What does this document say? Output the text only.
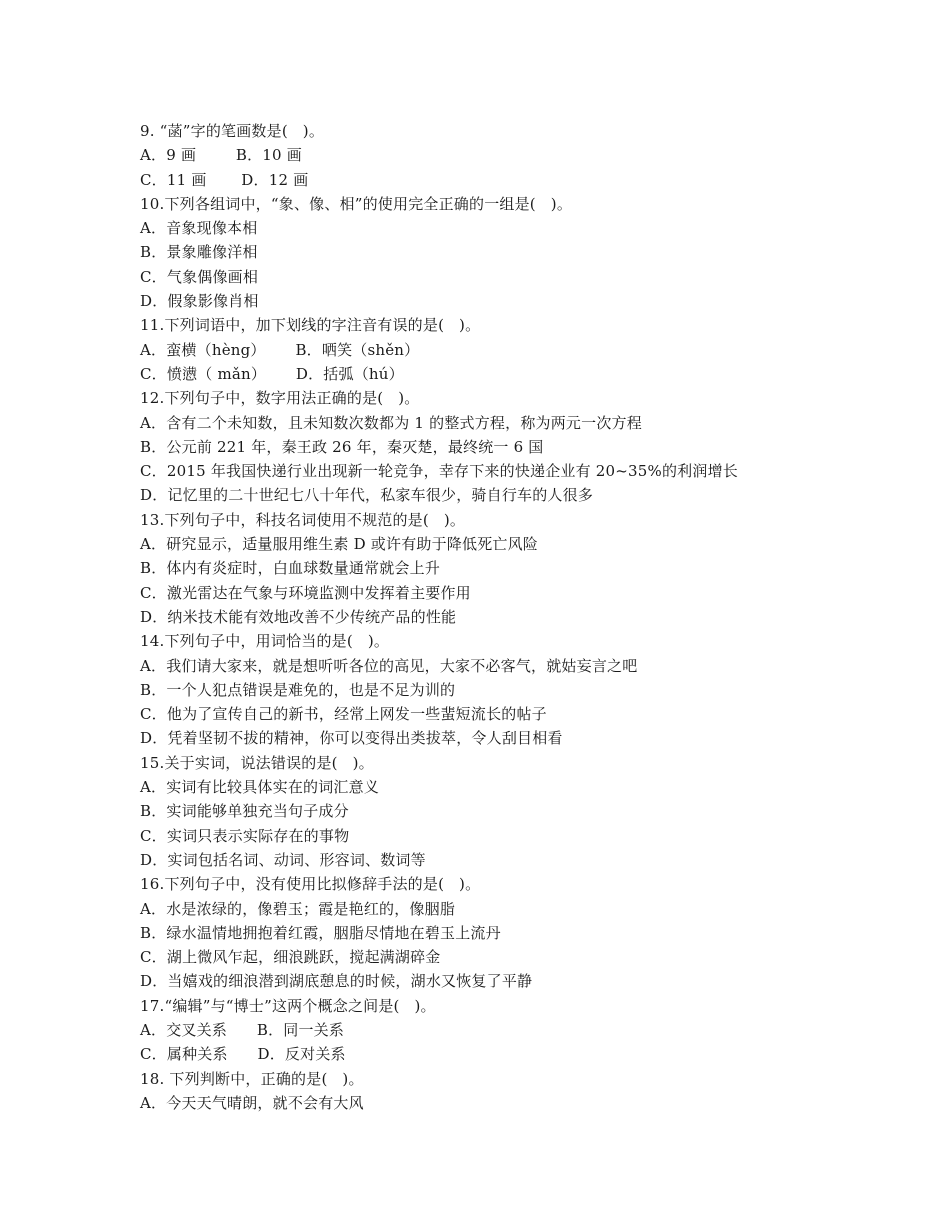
9. “菡”字的笔画数是(   )。
A．9 画        B．10 画
C．11 画       D．12 画
10.下列各组词中，“象、像、相”的使用完全正确的一组是(   )。
A．音象现像本相
B．景象雕像洋相
C．气象偶像画相
D．假象影像肖相
11.下列词语中，加下划线的字注音有误的是(   )。
A．蛮横（hèng）      B．哂笑（shěn）
C．愤懑（ mǎn）      D．括弧（hú）
12.下列句子中，数字用法正确的是(   )。
A．含有二个未知数，且未知数次数都为 1 的整式方程，称为两元一次方程
B．公元前 221 年，秦王政 26 年，秦灭楚，最终统一 6 国
C．2015 年我国快递行业出现新一轮竞争，幸存下来的快递企业有 20~35%的利润增长
D．记忆里的二十世纪七八十年代，私家车很少，骑自行车的人很多
13.下列句子中，科技名词使用不规范的是(   )。
A．研究显示，适量服用维生素 D 或许有助于降低死亡风险
B．体内有炎症时，白血球数量通常就会上升
C．激光雷达在气象与环境监测中发挥着主要作用
D．纳米技术能有效地改善不少传统产品的性能
14.下列句子中，用词恰当的是(   )。
A．我们请大家来，就是想听听各位的高见，大家不必客气，就姑妄言之吧
B．一个人犯点错误是难免的，也是不足为训的
C．他为了宣传自己的新书，经常上网发一些蜚短流长的帖子
D．凭着坚韧不拔的精神，你可以变得出类拔萃，令人刮目相看
15.关于实词，说法错误的是(   )。
A．实词有比较具体实在的词汇意义
B．实词能够单独充当句子成分
C．实词只表示实际存在的事物
D．实词包括名词、动词、形容词、数词等
16.下列句子中，没有使用比拟修辞手法的是(   )。
A．水是浓绿的，像碧玉；霞是艳红的，像胭脂
B．绿水温情地拥抱着红霞，胭脂尽情地在碧玉上流丹
C．湖上微风乍起，细浪跳跃，搅起满湖碎金
D．当嬉戏的细浪潜到湖底憩息的时候，湖水又恢复了平静
17.“编辑”与“博士”这两个概念之间是(   )。
A．交叉关系      B．同一关系
C．属种关系      D．反对关系
18. 下列判断中，正确的是(   )。
A．今天天气晴朗，就不会有大风
